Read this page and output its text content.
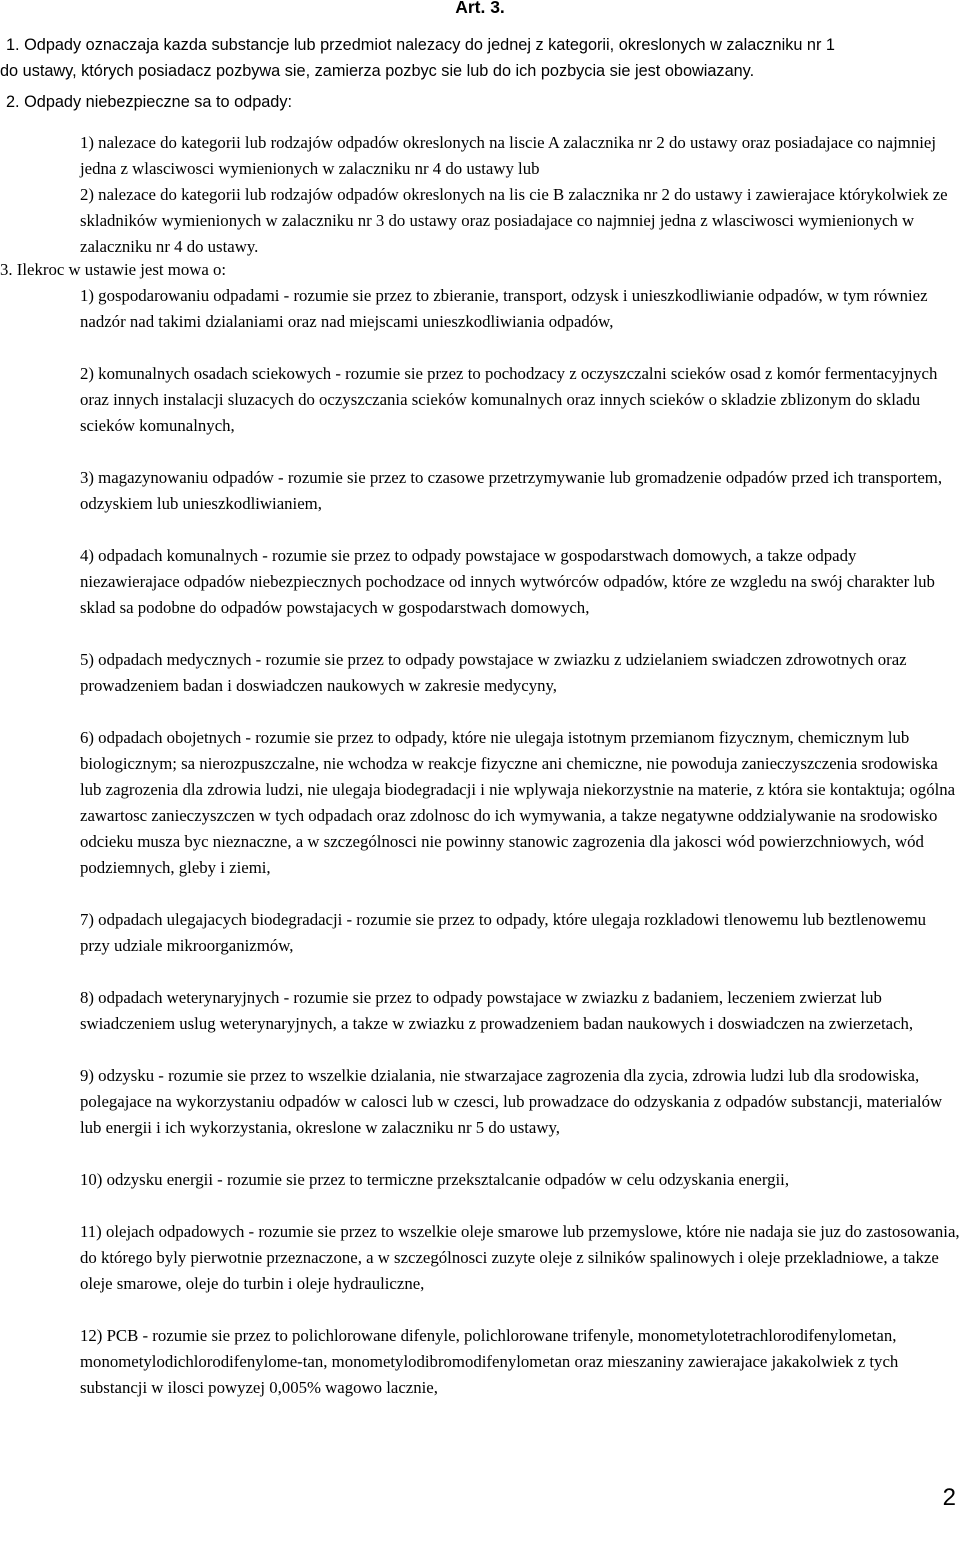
Art. 3.
1. Odpady oznaczaja kazda substancje lub przedmiot nalezacy do jednej z kategorii, okreslonych w zalaczniku nr 1
do ustawy, których posiadacz pozbywa sie, zamierza pozbyc sie lub do ich pozbycia sie jest obowiazany.
2. Odpady niebezpieczne sa to odpady:
1) nalezace do kategorii lub rodzajów odpadów okreslonych na liscie A zalacznika nr 2 do ustawy oraz posiadajace co najmniej jedna z wlasciwosci wymienionych w zalaczniku nr 4 do ustawy lub
2) nalezace do kategorii lub rodzajów odpadów okreslonych na lis cie B zalacznika nr 2 do ustawy i zawierajace którykolwiek ze skladników wymienionych w zalaczniku nr 3 do ustawy oraz posiadajace co najmniej jedna z wlasciwosci wymienionych w zalaczniku nr 4 do ustawy.
3. Ilekroc w ustawie jest mowa o:
1) gospodarowaniu odpadami - rozumie sie przez to zbieranie, transport, odzysk i unieszkodliwianie odpadów, w tym równiez nadzór nad takimi dzialaniami oraz nad miejscami unieszkodliwiania odpadów,
2) komunalnych osadach sciekowych - rozumie sie przez to pochodzacy z oczyszczalni scieków osad z komór fermentacyjnych oraz innych instalacji sluzacych do oczyszczania scieków komunalnych oraz innych scieków o skladzie zblizonym do skladu scieków komunalnych,
3) magazynowaniu odpadów - rozumie sie przez to czasowe przetrzymywanie lub gromadzenie odpadów przed ich transportem, odzyskiem lub unieszkodliwianiem,
4) odpadach komunalnych - rozumie sie przez to odpady powstajace w gospodarstwach domowych, a takze odpady niezawierajace odpadów niebezpiecznych pochodzace od innych wytwórców odpadów, które ze wzgledu na swój charakter lub sklad sa podobne do odpadów powstajacych w gospodarstwach domowych,
5) odpadach medycznych - rozumie sie przez to odpady powstajace w zwiazku z udzielaniem swiadczen zdrowotnych oraz prowadzeniem badan i doswiadczen naukowych w zakresie medycyny,
6) odpadach obojetnych - rozumie sie przez to odpady, które nie ulegaja istotnym przemianom fizycznym, chemicznym lub biologicznym; sa nierozpuszczalne, nie wchodza w reakcje fizyczne ani chemiczne, nie powoduja zanieczyszczenia srodowiska lub zagrozenia dla zdrowia ludzi, nie ulegaja biodegradacji i nie wplywaja niekorzystnie na materie, z która sie kontaktuja; ogólna zawartosc zanieczyszczen w tych odpadach oraz zdolnosc do ich wymywania, a takze negatywne oddzialywanie na srodowisko odcieku musza byc nieznaczne, a w szczególnosci nie powinny stanowic zagrozenia dla jakosci wód powierzchniowych, wód podziemnych, gleby i ziemi,
7) odpadach ulegajacych biodegradacji - rozumie sie przez to odpady, które ulegaja rozkladowi tlenowemu lub beztlenowemu przy udziale mikroorganizmów,
8) odpadach weterynaryjnych - rozumie sie przez to odpady powstajace w zwiazku z badaniem, leczeniem zwierzat lub swiadczeniem uslug weterynaryjnych, a takze w zwiazku z prowadzeniem badan naukowych i doswiadczen na zwierzetach,
9) odzysku - rozumie sie przez to wszelkie dzialania, nie stwarzajace zagrozenia dla zycia, zdrowia ludzi lub dla srodowiska, polegajace na wykorzystaniu odpadów w calosci lub w czesci, lub prowadzace do odzyskania z odpadów substancji, materialów lub energii i ich wykorzystania, okreslone w zalaczniku nr 5 do ustawy,
10) odzysku energii - rozumie sie przez to termiczne przeksztalcanie odpadów w celu odzyskania energii,
11) olejach odpadowych - rozumie sie przez to wszelkie oleje smarowe lub przemyslowe, które nie nadaja sie juz do zastosowania, do którego byly pierwotnie przeznaczone, a w szczególnosci zuzyte oleje z silników spalinowych i oleje przekladniowe, a takze oleje smarowe, oleje do turbin i oleje hydrauliczne,
12) PCB - rozumie sie przez to polichlorowane difenyle, polichlorowane trifenyle, monometylotetrachlorodifenylometan, monometylodichlorodifenylome-tan, monometylodibromodifenylometan oraz mieszaniny zawierajace jakakolwiek z tych substancji w ilosci powyzej 0,005% wagowo lacznie,
2
